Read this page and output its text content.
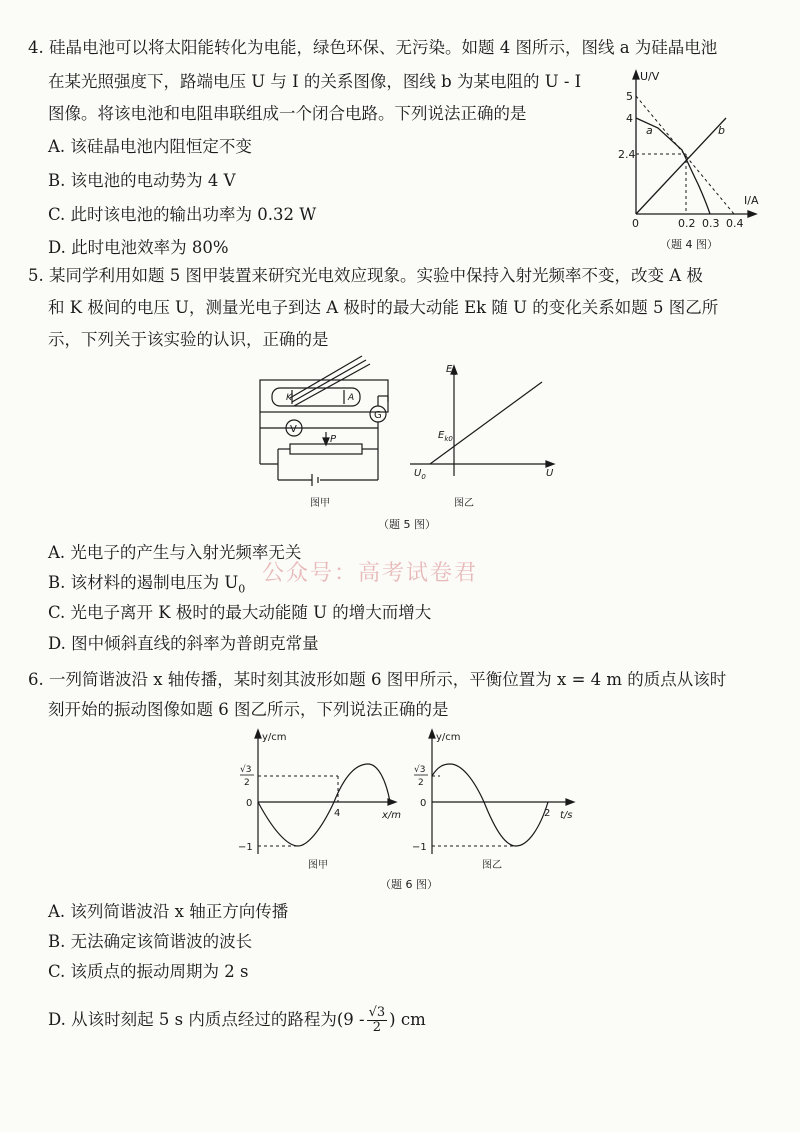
4. 硅晶电池可以将太阳能转化为电能，绿色环保、无污染。如题 4 图所示，图线 a 为硅晶电池
在某光照强度下，路端电压 U 与 I 的关系图像，图线 b 为某电阻的 U - I
图像。将该电池和电阻串联组成一个闭合电路。下列说法正确的是
A. 该硅晶电池内阻恒定不变
B. 该电池的电动势为 4 V
C. 此时该电池的输出功率为 0.32 W
D. 此时电池效率为 80%
U/V
I/A
5
4
2.4
0	0.2 0.3 0.4
a	b
（题 4 图）
5. 某同学利用如题 5 图甲装置来研究光电效应现象。实验中保持入射光频率不变，改变 A 极
和 K 极间的电压 U，测量光电子到达 A 极时的最大动能 Ek 随 U 的变化关系如题 5 图乙所
示，下列关于该实验的认识，正确的是
K	A
G
V
P
图甲
$E_k$
$E_{k0}$
$U_0$	U
图乙
（题 5 图）
A. 光电子的产生与入射光频率无关
B. 该材料的遏制电压为 $U_0$
C. 光电子离开 K 极时的最大动能随 U 的增大而增大
D. 图中倾斜直线的斜率为普朗克常量
公众号：高考试卷君
6. 一列简谐波沿 x 轴传播，某时刻其波形如题 6 图甲所示，平衡位置为 x = 4 m 的质点从该时
刻开始的振动图像如题 6 图乙所示，下列说法正确的是
y/cm
x/m
√3
2
0
−1
4
图甲
y/cm
t/s
√3
2
0
−1
2
图乙
（题 6 图）
A. 该列简谐波沿 x 轴正方向传播
B. 无法确定该简谐波的波长
C. 该质点的振动周期为 2 s
D. 从该时刻起 5 s 内质点经过的路程为($9 - \frac{√3}{2}$ ) cm
